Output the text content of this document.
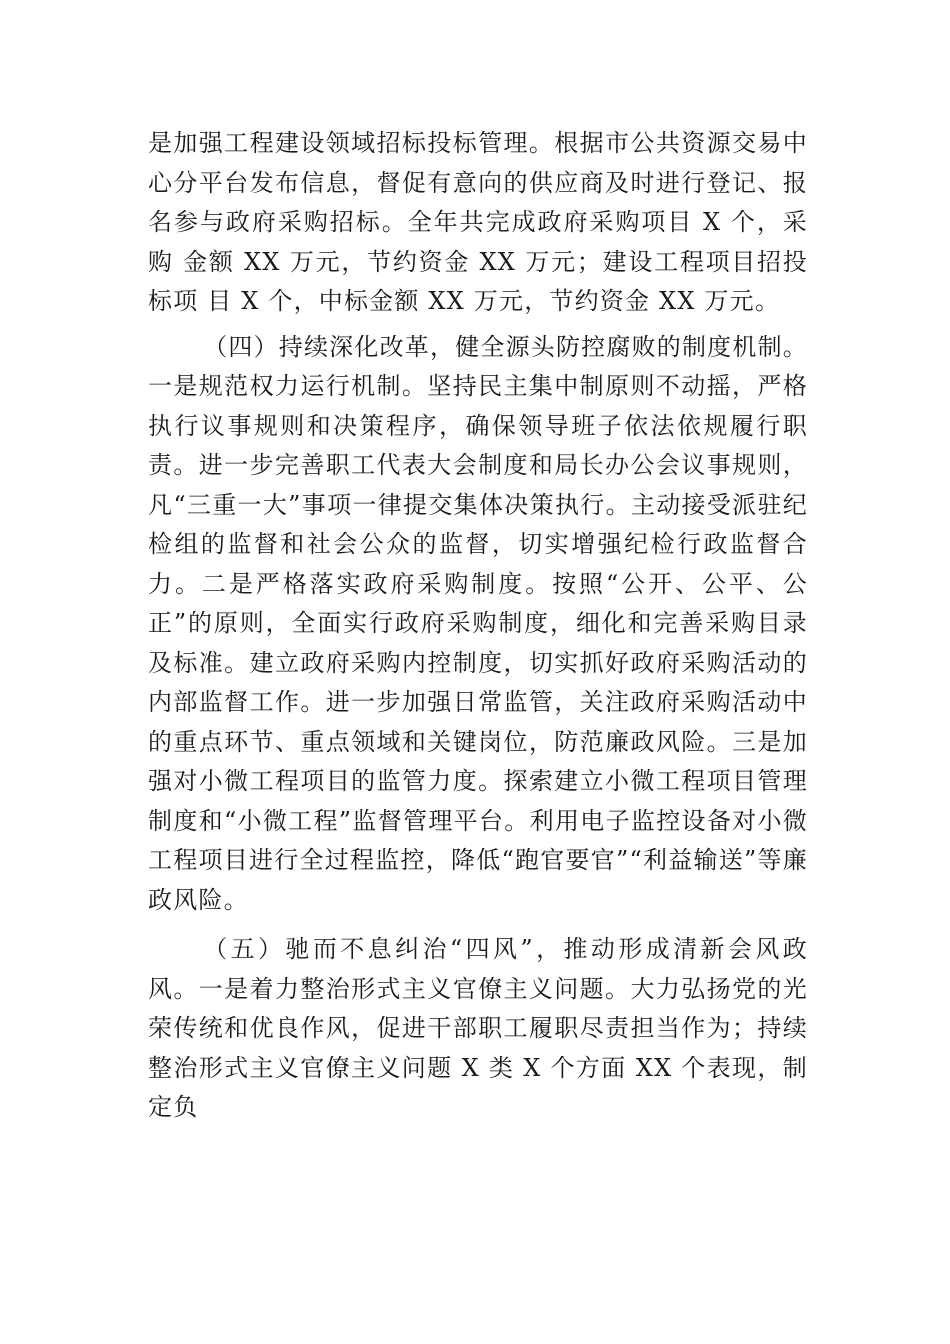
是加强工程建设领域招标投标管理。根据市公共资源交易中心分平台发布信息，督促有意向的供应商及时进行登记、报名参与政府采购招标。全年共完成政府采购项目 X 个，采购 金额 XX 万元，节约资金 XX 万元；建设工程项目招投标项 目 X 个，中标金额 XX 万元，节约资金 XX 万元。

（四）持续深化改革，健全源头防控腐败的制度机制。一是规范权力运行机制。坚持民主集中制原则不动摇，严格执行议事规则和决策程序，确保领导班子依法依规履行职责。进一步完善职工代表大会制度和局长办公会议事规则，凡“三重一大”事项一律提交集体决策执行。主动接受派驻纪检组的监督和社会公众的监督，切实增强纪检行政监督合力。二是严格落实政府采购制度。按照“公开、公平、公正”的原则，全面实行政府采购制度，细化和完善采购目录及标准。建立政府采购内控制度，切实抓好政府采购活动的内部监督工作。进一步加强日常监管，关注政府采购活动中的重点环节、重点领域和关键岗位，防范廉政风险。三是加强对小微工程项目的监管力度。探索建立小微工程项目管理制度和“小微工程”监督管理平台。利用电子监控设备对小微工程项目进行全过程监控，降低“跑官要官”“利益输送”等廉政风险。

（五）驰而不息纠治“四风”，推动形成清新会风政风。一是着力整治形式主义官僚主义问题。大力弘扬党的光荣传统和优良作风，促进干部职工履职尽责担当作为；持续整治形式主义官僚主义问题 X 类 X 个方面 XX 个表现，制定负
